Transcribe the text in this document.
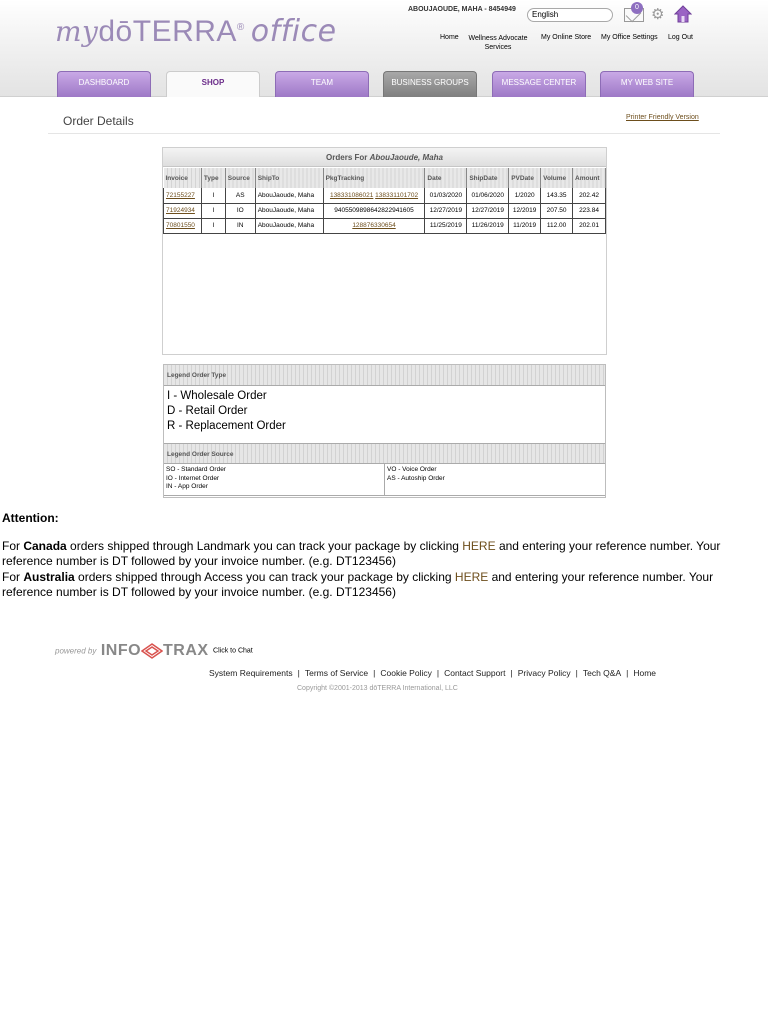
mydōTERRA® office
ABOUJAOUDE, MAHA - 8454949
English
0 ⚙
Home Wellness Advocate Services
My Online Store My Office Settings Log Out
DASHBOARD	SHOP	TEAM	BUSINESS GROUPS	MESSAGE CENTER	MY WEB SITE
Order Details	Printer Friendly Version
Orders For AbouJaoude, Maha
Invoice	Type	Source	ShipTo	PkgTracking	Date	ShipDate	PVDate	Volume	Amount
72155227	I	AS	AbouJaoude, Maha	138331086021 138331101702	01/03/2020	01/06/2020	1/2020	143.35	202.42
71924934	I	IO	AbouJaoude, Maha	9405509898642822941605	12/27/2019	12/27/2019	12/2019	207.50	223.84
70801550	I	IN	AbouJaoude, Maha	128876330654	11/25/2019	11/26/2019	11/2019	112.00	202.01
Legend Order Type
I - Wholesale Order
D - Retail Order
R - Replacement Order
Legend Order Source
SO - Standard Order
IO - Internet Order
IN - App Order
VO - Voice Order
AS - Autoship Order
Attention:

For Canada orders shipped through Landmark you can track your package by clicking HERE and entering your reference number. Your reference number is DT followed by your invoice number. (e.g. DT123456)

For Australia orders shipped through Access you can track your package by clicking HERE and entering your reference number. Your reference number is DT followed by your invoice number. (e.g. DT123456)

powered by INFO TRAX Click to Chat
System Requirements | Terms of Service | Cookie Policy | Contact Support | Privacy Policy | Tech Q&A | Home
Copyright ©2001-2013 dōTERRA International, LLC
